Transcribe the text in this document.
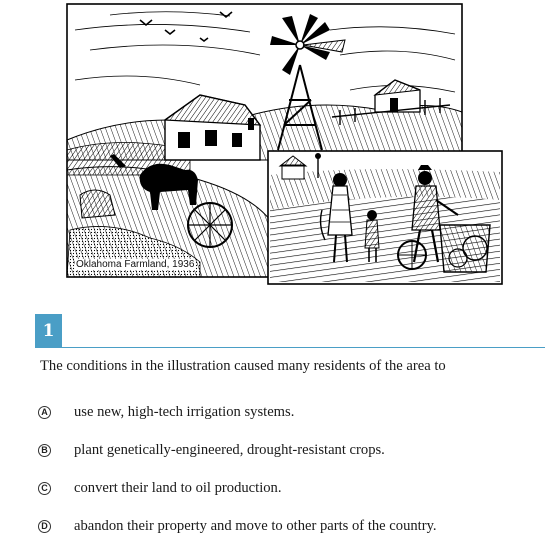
Oklahoma Farmland, 1936
1
The conditions in the illustration caused many residents of the area to
A use new, high-tech irrigation systems.
B plant genetically-engineered, drought-resistant crops.
C convert their land to oil production.
D abandon their property and move to other parts of the country.
